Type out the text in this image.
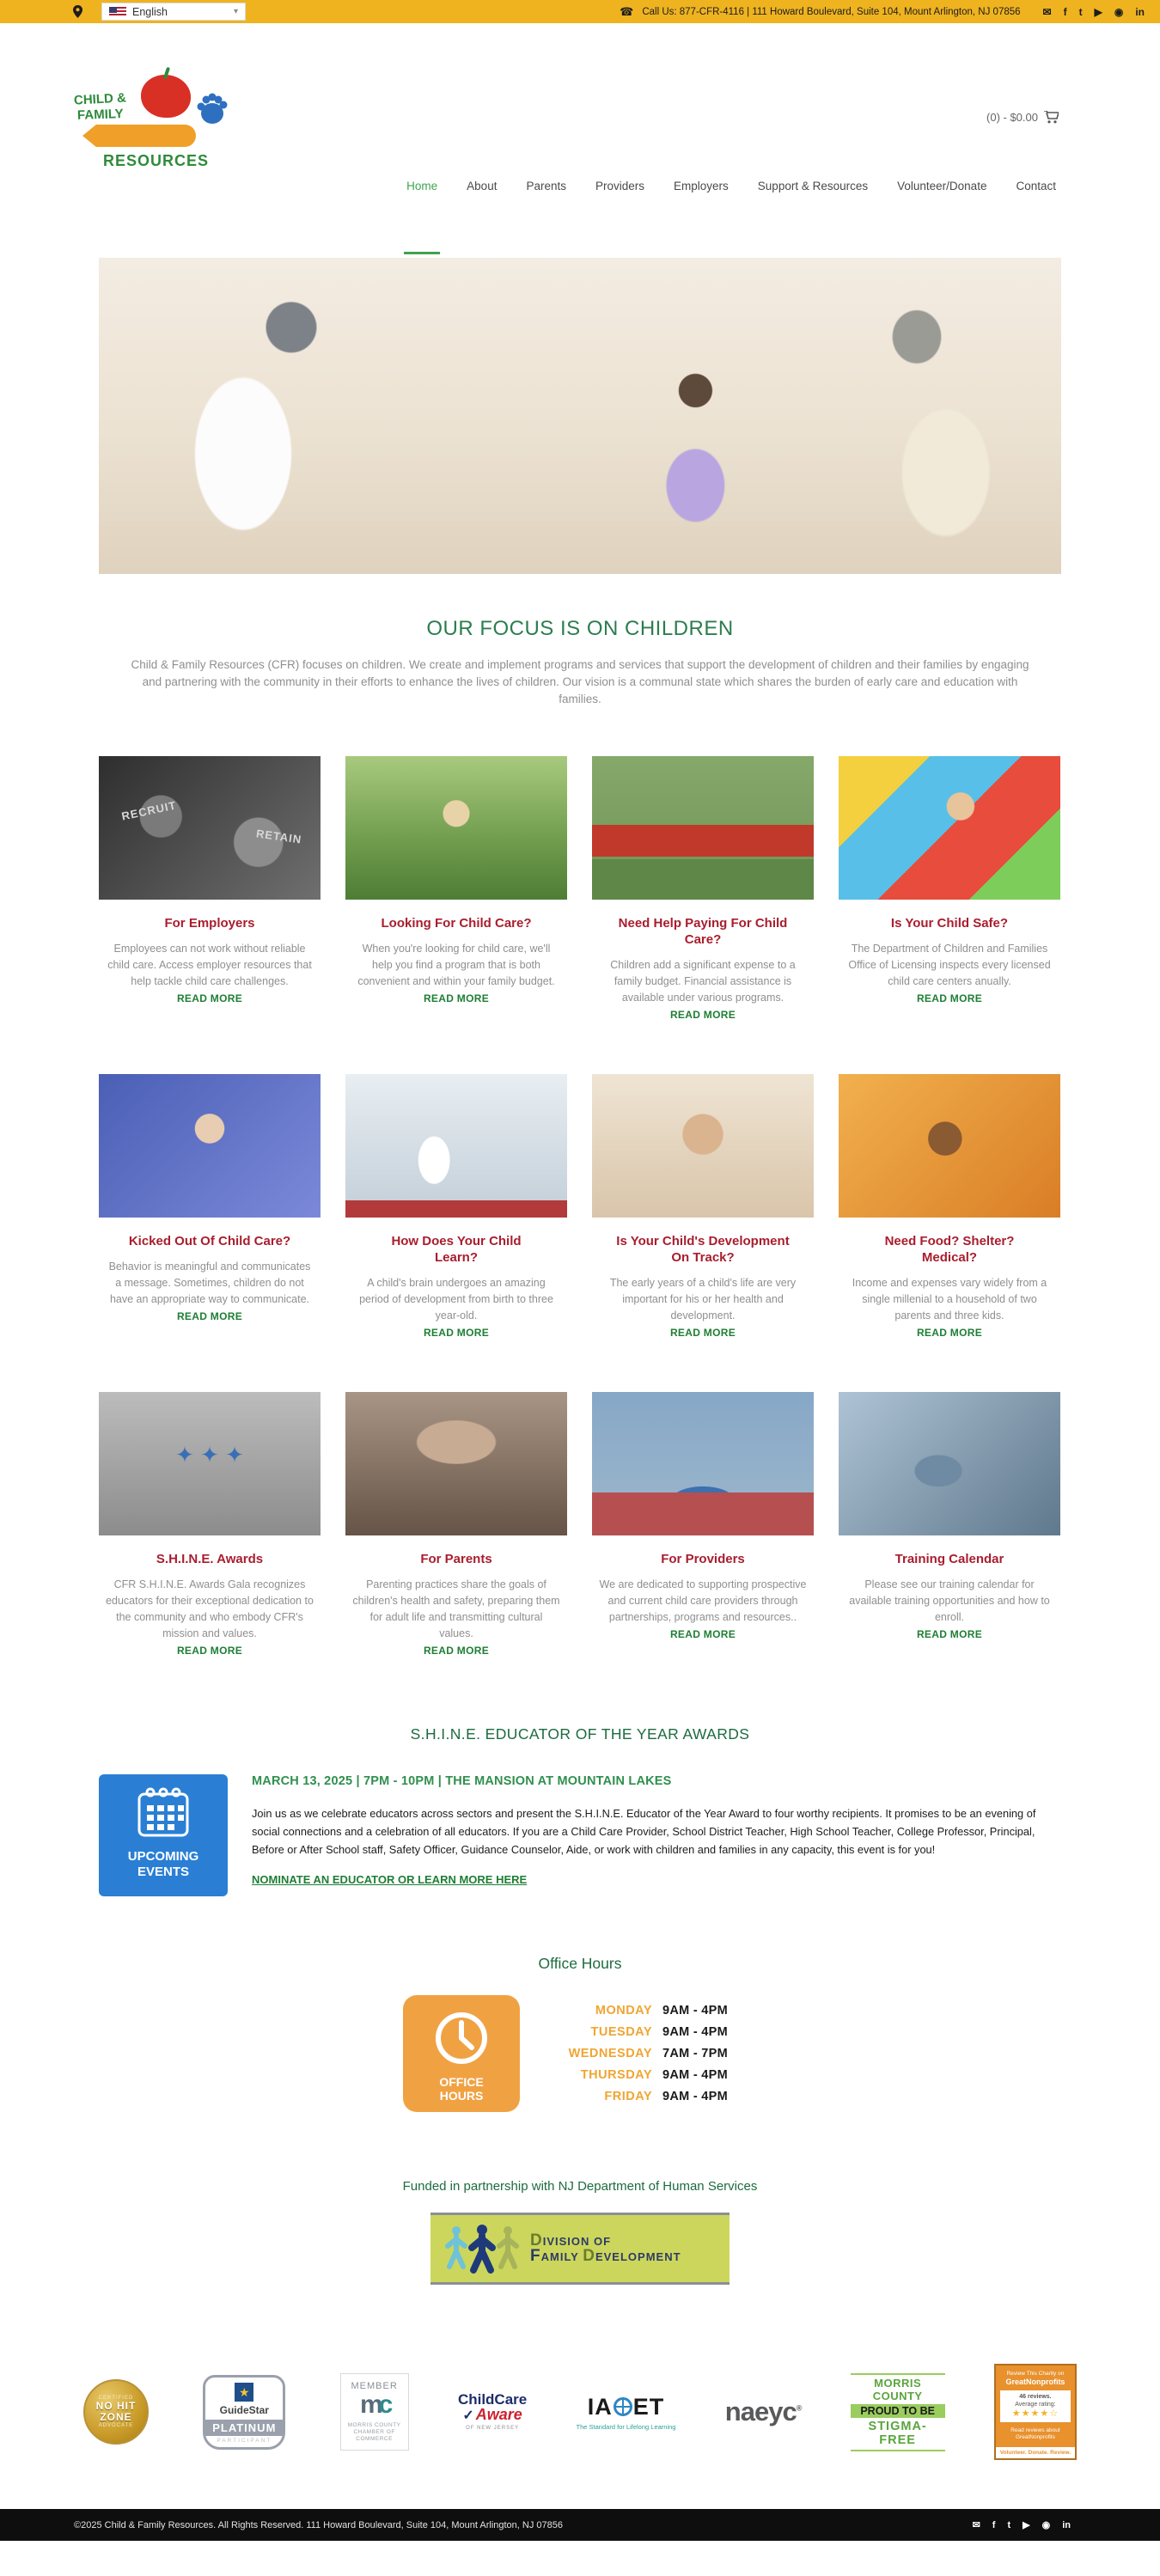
English	▾	☎ Call Us: 877-CFR-4116 | 111 Howard Boulevard, Suite 104, Mount Arlington, NJ 07856 ✉ f t ▶ ◉ in
CHILD &
FAMILY
RESOURCES
(0) - $0.00
Home	About	Parents	Providers	Employers	Support & Resources	Volunteer/Donate	Contact
OUR FOCUS IS ON CHILDREN

Child & Family Resources (CFR) focuses on children. We create and implement programs and services that support the development of children and their families by engaging and partnering with the community in their efforts to enhance the lives of children. Our vision is a communal state which shares the burden of early care and education with families.

RECRUIT
RETAIN
For Employers

Employees can not work without reliable child care. Access employer resources that help tackle child care challenges.

READ MORE
Looking For Child Care?

When you're looking for child care, we'll help you find a program that is both convenient and within your family budget.

READ MORE
Need Help Paying For Child Care?

Children add a significant expense to a family budget. Financial assistance is available under various programs.

READ MORE
Is Your Child Safe?

The Department of Children and Families Office of Licensing inspects every licensed child care centers anually.

READ MORE
Kicked Out Of Child Care?

Behavior is meaningful and communicates a message. Sometimes, children do not have an appropriate way to communicate.

READ MORE
How Does Your Child Learn?

A child's brain undergoes an amazing period of development from birth to three year-old.

READ MORE
Is Your Child's Development On Track?

The early years of a child's life are very important for his or her health and development.

READ MORE
Need Food? Shelter? Medical?

Income and expenses vary widely from a single millenial to a household of two parents and three kids.

READ MORE
✦ ✦ ✦
S.H.I.N.E. Awards

CFR S.H.I.N.E. Awards Gala recognizes educators for their exceptional dedication to the community and who embody CFR's mission and values.

READ MORE
For Parents

Parenting practices share the goals of children's health and safety, preparing them for adult life and transmitting cultural values.

READ MORE
For Providers

We are dedicated to supporting prospective and current child care providers through partnerships, programs and resources..

READ MORE
Training Calendar

Please see our training calendar for available training opportunities and how to enroll.

READ MORE
S.H.I.N.E. EDUCATOR OF THE YEAR AWARDS
UPCOMING
EVENTS
MARCH 13, 2025 | 7PM - 10PM | THE MANSION AT MOUNTAIN LAKES

Join us as we celebrate educators across sectors and present the S.H.I.N.E. Educator of the Year Award to four worthy recipients. It promises to be an evening of social connections and a celebration of all educators. If you are a Child Care Provider, School District Teacher, High School Teacher, College Professor, Principal, Before or After School staff, Safety Officer, Guidance Counselor, Aide, or work with children and families in any capacity, this event is for you!

NOMINATE AN EDUCATOR OR LEARN MORE HERE
Office Hours
OFFICE
HOURS
MONDAY 9AM - 4PM
TUESDAY 9AM - 4PM
WEDNESDAY 7AM - 7PM
THURSDAY 9AM - 4PM
FRIDAY 9AM - 4PM
Funded in partnership with NJ Department of Human Services
DIVISION OF
FAMILY DEVELOPMENT
CERTIFIED
NO HIT
ZONE
ADVOCATE
★
GuideStar
PLATINUM
PARTICIPANT
MEMBER
mc
MORRIS COUNTY
CHAMBER OF
COMMERCE
ChildCare
✓ Aware
OF NEW JERSEY
IA ET
The Standard for Lifelong Learning naeyc®
MORRIS COUNTY
PROUD TO BE
STIGMA-FREE
Review This Charity on
GreatNonprofits
46 reviews.
Average rating:
★★★★☆
Read reviews about GreatNonprofits
Volunteer. Donate. Review.
©2025 Child & Family Resources. All Rights Reserved. 111 Howard Boulevard, Suite 104, Mount Arlington, NJ 07856	✉ f t ▶ ◉ in
